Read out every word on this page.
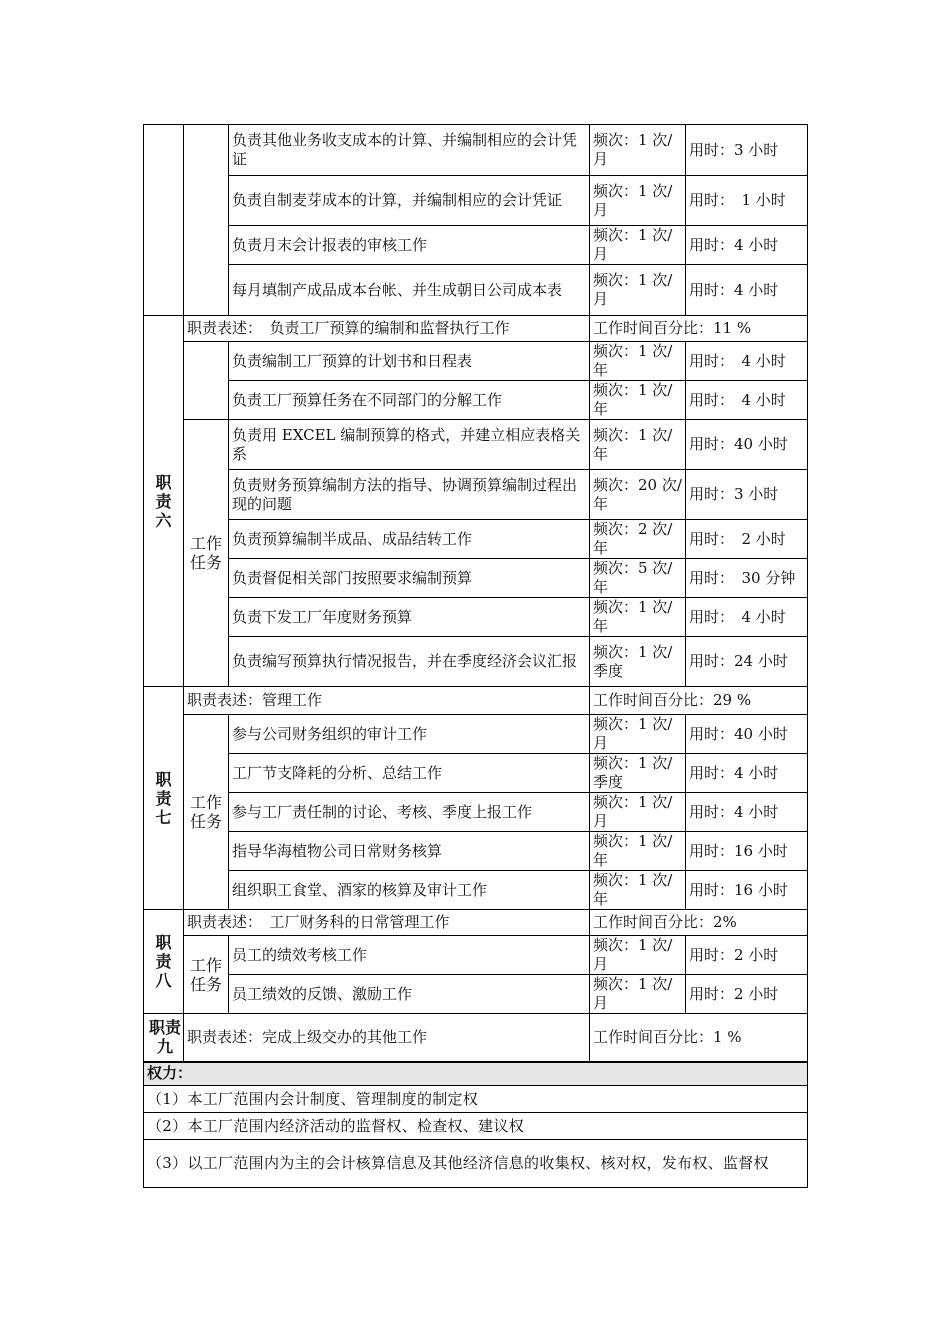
		负责其他业务收支成本的计算、并编制相应的会计凭证	频次：1 次/月	用时：3 小时
		负责自制麦芽成本的计算，并编制相应的会计凭证	频次：1 次/月	用时：　1 小时
		负责月末会计报表的审核工作	频次：1 次/月	用时：4 小时
		每月填制产成品成本台帐、并生成朝日公司成本表	频次：1 次/月	用时：4 小时
职责六	职责表述：　负责工厂预算的编制和监督执行工作		工作时间百分比：11 %	
		负责编制工厂预算的计划书和日程表	频次：1 次/年	用时：　4 小时
		负责工厂预算任务在不同部门的分解工作	频次：1 次/年	用时：　4 小时
	工作任务	负责用 EXCEL 编制预算的格式，并建立相应表格关系	频次：1 次/年	用时：40 小时
		负责财务预算编制方法的指导、协调预算编制过程出现的问题	频次：20 次/ 年	用时：3 小时
		负责预算编制半成品、成品结转工作	频次：2 次/年	用时：　2 小时
		负责督促相关部门按照要求编制预算	频次：5 次/年	用时：　30 分钟
		负责下发工厂年度财务预算	频次：1 次/年	用时：　4 小时
		负责编写预算执行情况报告，并在季度经济会议汇报	频次：1 次/季度	用时：24 小时
职责七	职责表述：管理工作		工作时间百分比：29 %	
	工作任务	参与公司财务组织的审计工作	频次：1 次/月	用时：40 小时
		工厂节支降耗的分析、总结工作	频次：1 次/季度	用时：4 小时
		参与工厂责任制的讨论、考核、季度上报工作	频次：1 次/月	用时：4 小时
		指导华海植物公司日常财务核算	频次：1 次/年	用时：16 小时
		组织职工食堂、酒家的核算及审计工作	频次：1 次/年	用时：16 小时
职责八	职责表述：　工厂财务科的日常管理工作		工作时间百分比：2%	
	工作任务	员工的绩效考核工作	频次：1 次/月	用时：2 小时
		员工绩效的反馈、激励工作	频次：1 次/月	用时：2 小时
职责九	职责表述：完成上级交办的其他工作		工作时间百分比：1 %	
权力：				
（1）本工厂范围内会计制度、管理制度的制定权				
（2）本工厂范围内经济活动的监督权、检查权、建议权				
（3）以工厂范围内为主的会计核算信息及其他经济信息的收集权、核对权，发布权、监督权				
